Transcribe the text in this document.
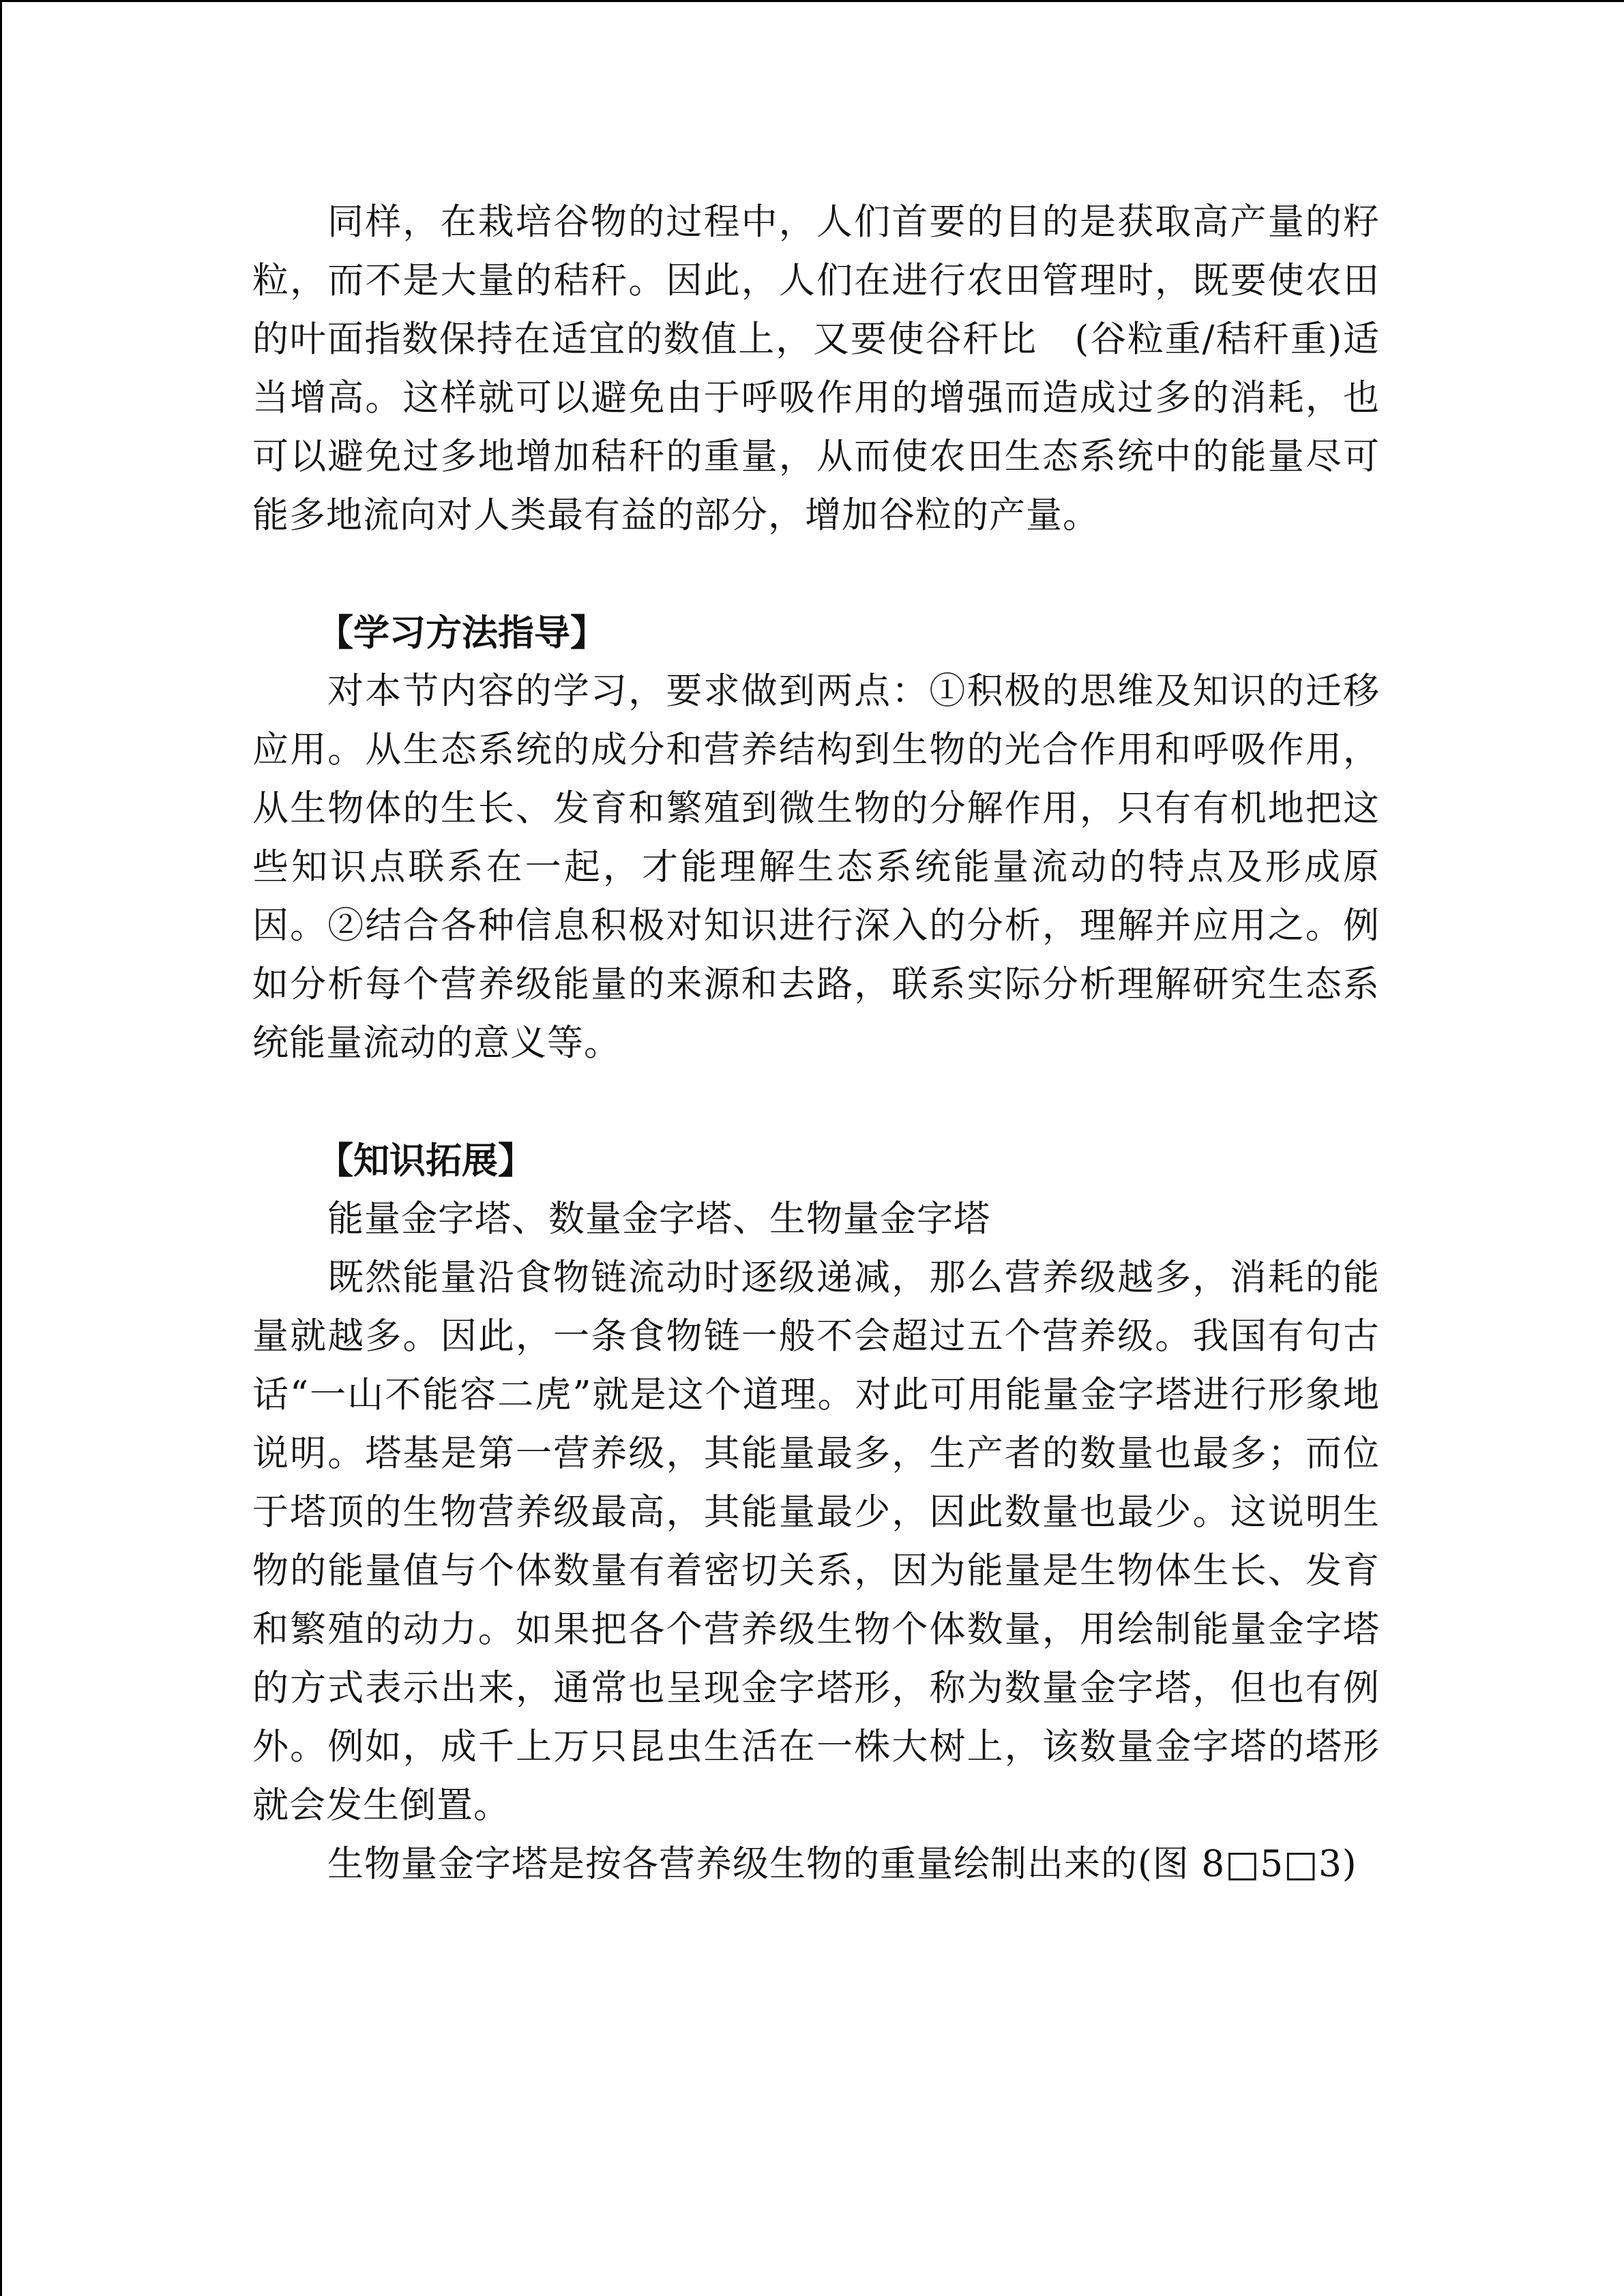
同样，在栽培谷物的过程中，人们首要的目的是获取高产量的籽粒，而不是大量的秸秆。因此，人们在进行农田管理时，既要使农田的叶面指数保持在适宜的数值上，又要使谷秆比　(谷粒重/秸秆重)适当增高。这样就可以避免由于呼吸作用的增强而造成过多的消耗，也可以避免过多地增加秸秆的重量，从而使农田生态系统中的能量尽可能多地流向对人类最有益的部分，增加谷粒的产量。

【学习方法指导】

对本节内容的学习，要求做到两点：①积极的思维及知识的迁移应用。从生态系统的成分和营养结构到生物的光合作用和呼吸作用，从生物体的生长、发育和繁殖到微生物的分解作用，只有有机地把这些知识点联系在一起，才能理解生态系统能量流动的特点及形成原因。②结合各种信息积极对知识进行深入的分析，理解并应用之。例如分析每个营养级能量的来源和去路，联系实际分析理解研究生态系统能量流动的意义等。

【知识拓展】

能量金字塔、数量金字塔、生物量金字塔

既然能量沿食物链流动时逐级递减，那么营养级越多，消耗的能量就越多。因此，一条食物链一般不会超过五个营养级。我国有句古话“一山不能容二虎”就是这个道理。对此可用能量金字塔进行形象地说明。塔基是第一营养级，其能量最多，生产者的数量也最多；而位于塔顶的生物营养级最高，其能量最少，因此数量也最少。这说明生物的能量值与个体数量有着密切关系，因为能量是生物体生长、发育和繁殖的动力。如果把各个营养级生物个体数量，用绘制能量金字塔的方式表示出来，通常也呈现金字塔形，称为数量金字塔，但也有例外。例如，成千上万只昆虫生活在一株大树上，该数量金字塔的塔形就会发生倒置。

生物量金字塔是按各营养级生物的重量绘制出来的(图 8□5□3)
